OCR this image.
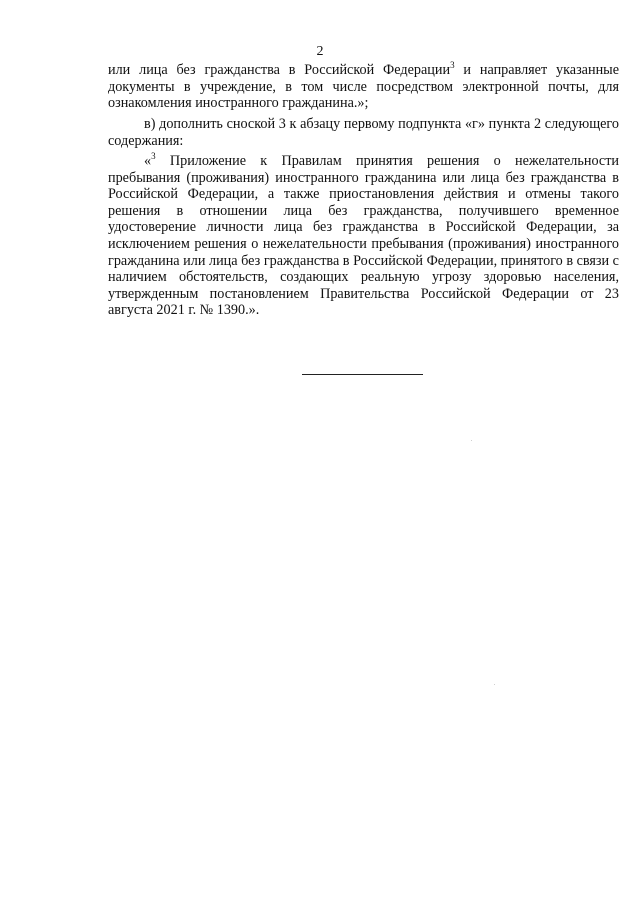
2

или лица без гражданства в Российской Федерации$^3$ и направляет указанные документы в учреждение, в том числе посредством электронной почты, для ознакомления иностранного гражданина.»;

в) дополнить сноской 3 к абзацу первому подпункта «г» пункта 2 следующего содержания:

«$^3$ Приложение к Правилам принятия решения о нежелательности пребывания (проживания) иностранного гражданина или лица без гражданства в Российской Федерации, а также приостановления действия и отмены такого решения в отношении лица без гражданства, получившего временное удостоверение личности лица без гражданства в Российской Федерации, за исключением решения о нежелательности пребывания (проживания) иностранного гражданина или лица без гражданства в Российской Федерации, принятого в связи с наличием обстоятельств, создающих реальную угрозу здоровью населения, утвержденным постановлением Правительства Российской Федерации от 23 августа 2021 г. № 1390.».
